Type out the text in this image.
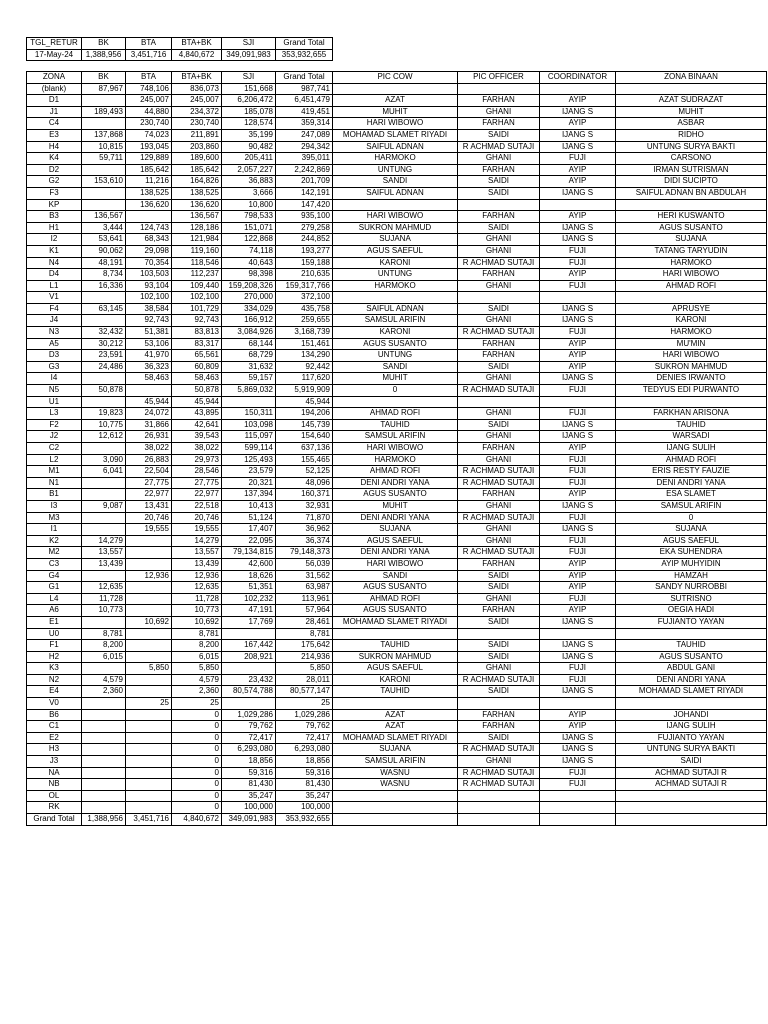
TGL_RETUR	BK	BTA	BTA+BK	SJI	Grand Total
17-May-24	1,388,956	3,451,716	4,840,672	349,091,983	353,932,655
ZONA	BK	BTA	BTA+BK	SJI	Grand Total	PIC COW	PIC OFFICER	COORDINATOR	ZONA BINAAN
(blank)	87,967	748,106	836,073	151,668	987,741				
D1		245,007	245,007	6,206,472	6,451,479	AZAT	FARHAN	AYIP	AZAT SUDRAZAT
J1	189,493	44,880	234,372	185,078	419,451	MUHIT	GHANI	IJANG S	MUHIT
C4		230,740	230,740	128,574	359,314	HARI WIBOWO	FARHAN	AYIP	ASBAR
E3	137,868	74,023	211,891	35,199	247,089	MOHAMAD SLAMET RIYADI	SAIDI	IJANG S	RIDHO
H4	10,815	193,045	203,860	90,482	294,342	SAIFUL ADNAN	R ACHMAD SUTAJI	IJANG S	UNTUNG SURYA BAKTI
K4	59,711	129,889	189,600	205,411	395,011	HARMOKO	GHANI	FUJI	CARSONO
D2		185,642	185,642	2,057,227	2,242,869	UNTUNG	FARHAN	AYIP	IRMAN SUTRISMAN
G2	153,610	11,216	164,826	36,883	201,709	SANDI	SAIDI	AYIP	DIDI SUCIPTO
F3		138,525	138,525	3,666	142,191	SAIFUL ADNAN	SAIDI	IJANG S	SAIFUL ADNAN BN ABDULAH
KP		136,620	136,620	10,800	147,420				
B3	136,567		136,567	798,533	935,100	HARI WIBOWO	FARHAN	AYIP	HERI KUSWANTO
H1	3,444	124,743	128,186	151,071	279,258	SUKRON MAHMUD	SAIDI	IJANG S	AGUS SUSANTO
I2	53,641	68,343	121,984	122,868	244,852	SUJANA	GHANI	IJANG S	SUJANA
K1	90,062	29,098	119,160	74,118	193,277	AGUS SAEFUL	GHANI	FUJI	TATANG TARYUDIN
N4	48,191	70,354	118,546	40,643	159,188	KARONI	R ACHMAD SUTAJI	FUJI	HARMOKO
D4	8,734	103,503	112,237	98,398	210,635	UNTUNG	FARHAN	AYIP	HARI WIBOWO
L1	16,336	93,104	109,440	159,208,326	159,317,766	HARMOKO	GHANI	FUJI	AHMAD ROFI
V1		102,100	102,100	270,000	372,100				
F4	63,145	38,584	101,729	334,029	435,758	SAIFUL ADNAN	SAIDI	IJANG S	APRUSYE
J4		92,743	92,743	166,912	259,655	SAMSUL ARIFIN	GHANI	IJANG S	KARONI
N3	32,432	51,381	83,813	3,084,926	3,168,739	KARONI	R ACHMAD SUTAJI	FUJI	HARMOKO
A5	30,212	53,106	83,317	68,144	151,461	AGUS SUSANTO	FARHAN	AYIP	MU'MIN
D3	23,591	41,970	65,561	68,729	134,290	UNTUNG	FARHAN	AYIP	HARI WIBOWO
G3	24,486	36,323	60,809	31,632	92,442	SANDI	SAIDI	AYIP	SUKRON MAHMUD
I4		58,463	58,463	59,157	117,620	MUHIT	GHANI	IJANG S	DENIES IRWANTO
N5	50,878		50,878	5,869,032	5,919,909	0	R ACHMAD SUTAJI	FUJI	TEDYUS EDI PURWANTO
U1		45,944	45,944		45,944				
L3	19,823	24,072	43,895	150,311	194,206	AHMAD ROFI	GHANI	FUJI	FARKHAN ARISONA
F2	10,775	31,866	42,641	103,098	145,739	TAUHID	SAIDI	IJANG S	TAUHID
J2	12,612	26,931	39,543	115,097	154,640	SAMSUL ARIFIN	GHANI	IJANG S	WARSADI
C2		38,022	38,022	599,114	637,136	HARI WIBOWO	FARHAN	AYIP	IJANG SULIH
L2	3,090	26,883	29,973	125,493	155,465	HARMOKO	GHANI	FUJI	AHMAD ROFI
M1	6,041	22,504	28,546	23,579	52,125	AHMAD ROFI	R ACHMAD SUTAJI	FUJI	ERIS RESTY FAUZIE
N1		27,775	27,775	20,321	48,096	DENI ANDRI YANA	R ACHMAD SUTAJI	FUJI	DENI ANDRI YANA
B1		22,977	22,977	137,394	160,371	AGUS SUSANTO	FARHAN	AYIP	ESA SLAMET
I3	9,087	13,431	22,518	10,413	32,931	MUHIT	GHANI	IJANG S	SAMSUL ARIFIN
M3		20,746	20,746	51,124	71,870	DENI ANDRI YANA	R ACHMAD SUTAJI	FUJI	0
I1		19,555	19,555	17,407	36,962	SUJANA	GHANI	IJANG S	SUJANA
K2	14,279		14,279	22,095	36,374	AGUS SAEFUL	GHANI	FUJI	AGUS SAEFUL
M2	13,557		13,557	79,134,815	79,148,373	DENI ANDRI YANA	R ACHMAD SUTAJI	FUJI	EKA SUHENDRA
C3	13,439		13,439	42,600	56,039	HARI WIBOWO	FARHAN	AYIP	AYIP MUHYIDIN
G4		12,936	12,936	18,626	31,562	SANDI	SAIDI	AYIP	HAMZAH
G1	12,635		12,635	51,351	63,987	AGUS SUSANTO	SAIDI	AYIP	SANDY NURROBBI
L4	11,728		11,728	102,232	113,961	AHMAD ROFI	GHANI	FUJI	SUTRISNO
A6	10,773		10,773	47,191	57,964	AGUS SUSANTO	FARHAN	AYIP	OEGIA HADI
E1		10,692	10,692	17,769	28,461	MOHAMAD SLAMET RIYADI	SAIDI	IJANG S	FUJIANTO YAYAN
U0	8,781		8,781		8,781				
F1	8,200		8,200	167,442	175,642	TAUHID	SAIDI	IJANG S	TAUHID
H2	6,015		6,015	208,921	214,936	SUKRON MAHMUD	SAIDI	IJANG S	AGUS SUSANTO
K3		5,850	5,850		5,850	AGUS SAEFUL	GHANI	FUJI	ABDUL GANI
N2	4,579		4,579	23,432	28,011	KARONI	R ACHMAD SUTAJI	FUJI	DENI ANDRI YANA
E4	2,360		2,360	80,574,788	80,577,147	TAUHID	SAIDI	IJANG S	MOHAMAD SLAMET RIYADI
V0		25	25		25				
B6			0	1,029,286	1,029,286	AZAT	FARHAN	AYIP	JOHANDI
C1			0	79,762	79,762	AZAT	FARHAN	AYIP	IJANG SULIH
E2			0	72,417	72,417	MOHAMAD SLAMET RIYADI	SAIDI	IJANG S	FUJIANTO YAYAN
H3			0	6,293,080	6,293,080	SUJANA	R ACHMAD SUTAJI	IJANG S	UNTUNG SURYA BAKTI
J3			0	18,856	18,856	SAMSUL ARIFIN	GHANI	IJANG S	SAIDI
NA			0	59,316	59,316	WASNU	R ACHMAD SUTAJI	FUJI	ACHMAD SUTAJI R
NB			0	81,430	81,430	WASNU	R ACHMAD SUTAJI	FUJI	ACHMAD SUTAJI R
OL			0	35,247	35,247				
RK			0	100,000	100,000				
Grand Total	1,388,956	3,451,716	4,840,672	349,091,983	353,932,655				
